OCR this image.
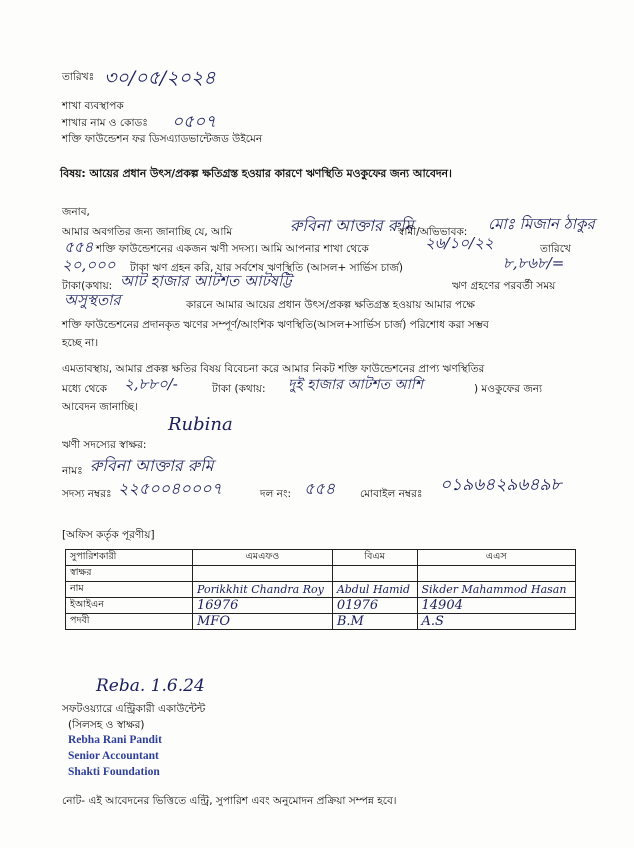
তারিখঃ ৩০/০৫/২০২৪
শাখা ব্যবস্থাপক
শাখার নাম ও কোডঃ ০৫০৭
শক্তি ফাউন্ডেশন ফর ডিসএ্যাডভান্টেজড উইমেন
বিষয়: আয়ের প্রধান উৎস/প্রকল্প ক্ষতিগ্রস্ত হওয়ার কারণে ঋণস্থিতি মওকুফের জন্য আবেদন।
জনাব,
আমার অবগতির জন্য জানাচ্ছি যে, আমি	রুবিনা আক্তার রুমি
স্বামী/অভিভাবক: মোঃ মিজান ঠাকুর
৫৫৪ শক্তি ফাউন্ডেশনের একজন ঋণী সদস্য। আমি আপনার শাখা থেকে	২৬/১০/২২	তারিখে
২০,০০০ টাকা ঋণ গ্রহন করি, যার সর্বশেষ ঋণস্থিতি (আসল+ সার্ভিস চার্জ)	৮,৮৬৮/=
টাকা(কথায়: আট হাজার আটশত আটষট্টি	ঋণ গ্রহণের পরবর্তী সময়
অসুস্থতার	কারনে আমার আয়ের প্রধান উৎস/প্রকল্প ক্ষতিগ্রস্ত হওয়ায় আমার পক্ষে
শক্তি ফাউন্ডেশনের প্রদানকৃত ঋণের সম্পূর্ণ/আংশিক ঋণস্থিতি(আসল+সার্ভিস চার্জ) পরিশোধ করা সম্ভব
হচ্ছে না।
এমতাবস্থায়, আমার প্রকল্প ক্ষতির বিষয় বিবেচনা করে আমার নিকট শক্তি ফাউন্ডেশনের প্রাপ্য ঋণস্থিতির
মধ্যে থেকে ২,৮৮০/-	টাকা (কথায়: দুই হাজার আটশত আশি	) মওকুফের জন্য
আবেদন জানাচ্ছি।
Rubina
ঋণী সদস্যের স্বাক্ষর:
নামঃ রুবিনা আক্তার রুমি
সদস্য নম্বরঃ ২২৫০০৪০০০৭	দল নং: ৫৫৪ মোবাইল নম্বরঃ ০১৯৬৪২৯৬৪৯৮
[অফিস কর্তৃক পূরণীয়]
সুপারিশকারী	এমএফও	বিএম	এএস
স্বাক্ষর			
নাম	Porikkhit Chandra Roy	Abdul Hamid	Sikder Mahammod Hasan
ইআইএন	16976	01976	14904
পদবী	MFO	B.M	A.S
Reba. 1.6.24
সফটওয়্যারে এন্ট্রিকারী একাউন্টেন্ট
(সিলসহ ও স্বাক্ষর)
Rebha Rani Pandit
Senior Accountant
Shakti Foundation
নোট- এই আবেদনের ভিত্তিতে এন্ট্রি, সুপারিশ এবং অনুমোদন প্রক্রিয়া সম্পন্ন হবে।
